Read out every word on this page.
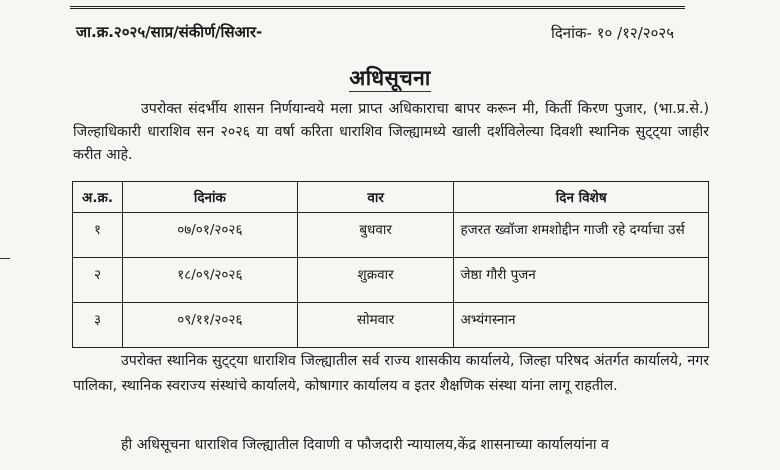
जा.क्र.२०२५/साप्र/संकीर्ण/सिआर-	दिनांक- १० /१२/२०२५
अधिसूचना
उपरोक्त संदर्भीय शासन निर्णयान्वये मला प्राप्त अधिकाराचा बापर करून मी, किर्ती किरण पुजार, (भा.प्र.से.) जिल्हाधिकारी धाराशिव सन २०२६ या वर्षा करिता धाराशिव जिल्ह्यामध्ये खाली दर्शविलेल्या दिवशी स्थानिक सुट्ट्या जाहीर करीत आहे.
अ.क्र.	दिनांक	वार	दिन विशेष
१	०७/०१/२०२६	बुधवार	हजरत ख्वॉजा शमशोद्दीन गाजी रहे दर्ग्याचा उर्स
२	१८/०९/२०२६	शुक्रवार	जेष्ठा गौरी पुजन
३	०९/११/२०२६	सोमवार	अभ्यंगस्नान
उपरोक्त स्थानिक सुट्ट्या धाराशिव जिल्ह्यातील सर्व राज्य शासकीय कार्यालये, जिल्हा परिषद अंतर्गत कार्यालये, नगर पालिका, स्थानिक स्वराज्य संस्थांचे कार्यालये, कोषागार कार्यालय व इतर शैक्षणिक संस्था यांना लागू राहतील.
ही अधिसूचना धाराशिव जिल्ह्यातील दिवाणी व फौजदारी न्यायालय,केंद्र शासनाच्या कार्यालयांना व
